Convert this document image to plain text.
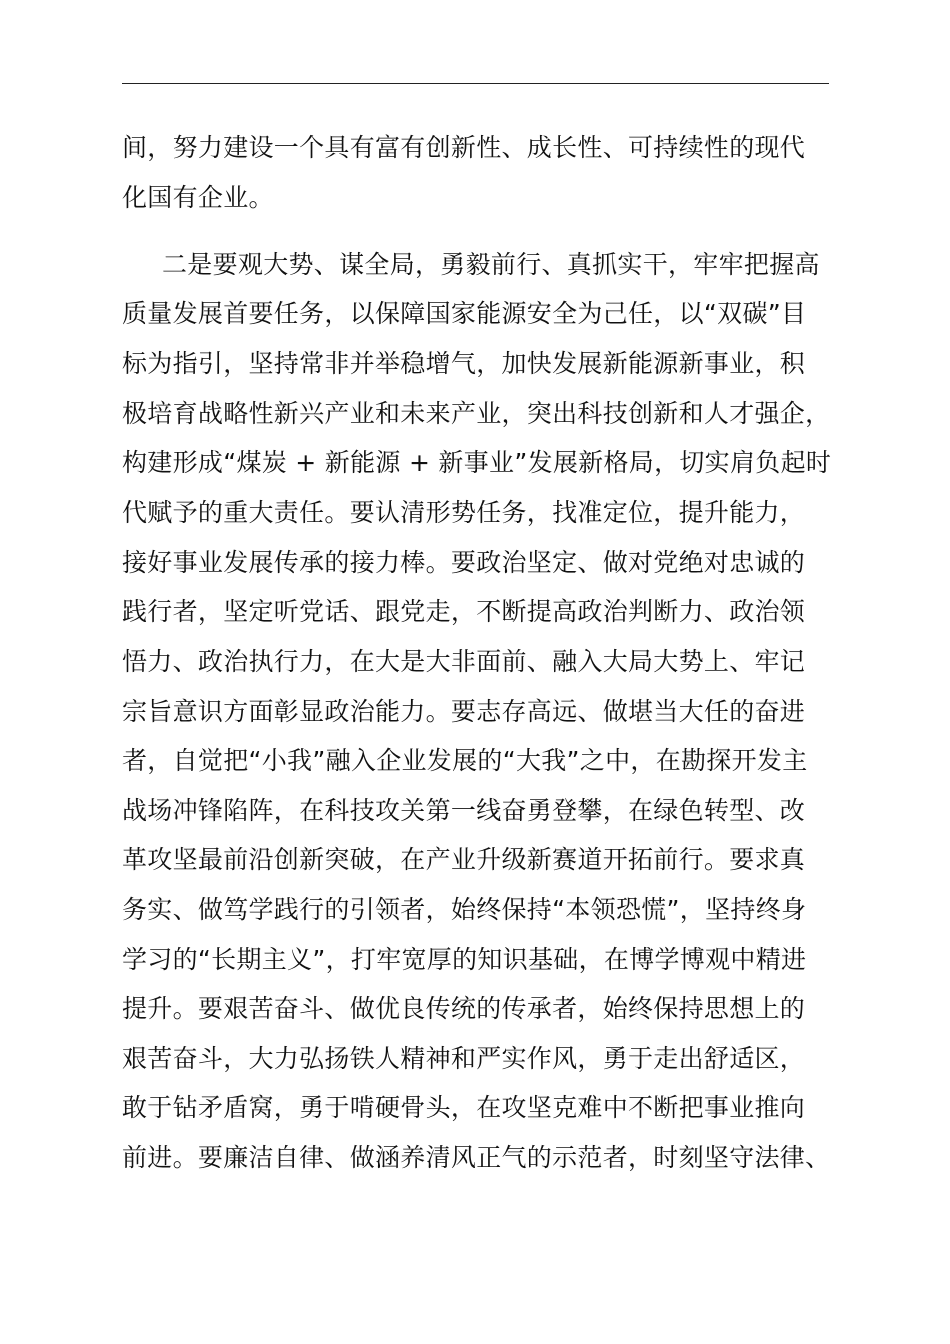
间，努力建设一个具有富有创新性、成长性、可持续性的现代
化国有企业。
二是要观大势、谋全局，勇毅前行、真抓实干，牢牢把握高
质量发展首要任务，以保障国家能源安全为己任，以“双碳”目
标为指引，坚持常非并举稳增气，加快发展新能源新事业，积
极培育战略性新兴产业和未来产业，突出科技创新和人才强企，
构建形成“煤炭 + 新能源 + 新事业”发展新格局，切实肩负起时
代赋予的重大责任。要认清形势任务，找准定位，提升能力，
接好事业发展传承的接力棒。要政治坚定、做对党绝对忠诚的
践行者，坚定听党话、跟党走，不断提高政治判断力、政治领
悟力、政治执行力，在大是大非面前、融入大局大势上、牢记
宗旨意识方面彰显政治能力。要志存高远、做堪当大任的奋进
者，自觉把“小我”融入企业发展的“大我”之中，在勘探开发主
战场冲锋陷阵，在科技攻关第一线奋勇登攀，在绿色转型、改
革攻坚最前沿创新突破，在产业升级新赛道开拓前行。要求真
务实、做笃学践行的引领者，始终保持“本领恐慌”，坚持终身
学习的“长期主义”，打牢宽厚的知识基础，在博学博观中精进
提升。要艰苦奋斗、做优良传统的传承者，始终保持思想上的
艰苦奋斗，大力弘扬铁人精神和严实作风，勇于走出舒适区，
敢于钻矛盾窝，勇于啃硬骨头，在攻坚克难中不断把事业推向
前进。要廉洁自律、做涵养清风正气的示范者，时刻坚守法律、
